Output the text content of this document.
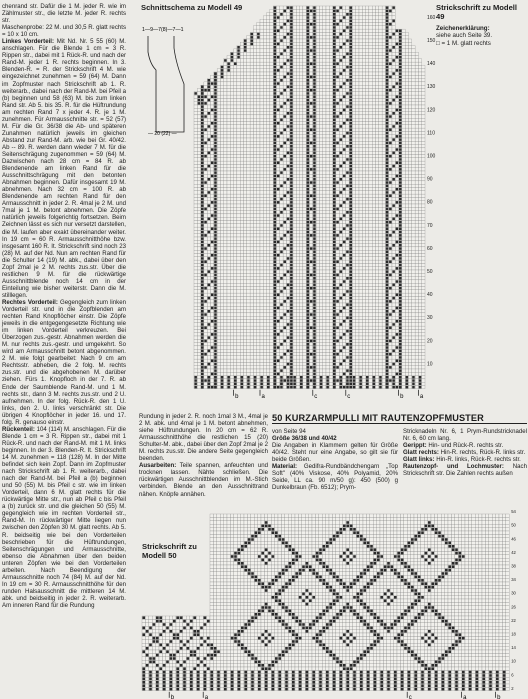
chenrand str. Dafür die 1 M. jeder R. wie im Zählmuster str., die letzte M. jeder R. rechts str.

Maschenprobe: 22 M. und 30,5 R. glatt rechts = 10 x 10 cm.

Linkes Vorderteil: Mit Nd. Nr. 5 55 (60) M. anschlagen. Für die Blende 1 cm = 3 R. Rippen str., dabei mit 1 Rück-R. und nach der Rand-M. jeder 1 R. rechts beginnen. In 3. Blenden-R. = R. der Strickschrift 4 M. wie eingezeichnet zunehmen = 59 (64) M. Dann im Zopfmuster nach Strickschrift ab 1. R. weiterarb., dabei nach der Rand-M. bei Pfeil a (b) beginnen und 58 (63) M. bis zum linken Rand str. Ab 5. bis 35. R. für die Hüftrundung am rechten Rand 7 x jeder 4. R. je 1 M. zunehmen. Für Armausschnitte str. = 52 (57) M. Für die Gr. 36/38 die Ab- und späteren Zunahmen natürlich jeweils im gleichen Abstand zur Rand-M. arb. wie bei Gr. 40/42. Ab -- 89. R. werden dann wieder 7 M. für die Seitenschrägung zugenommen = 59 (64) M. Dazwischen nach 28 cm = 84 R. ab Blendenende am linken Rand für die Ausschnittschrägung mit den betonten Abnahmen beginnen. Dafür insgesamt 19 M. abnehmen. Nach 32 cm = 100 R. ab Blendenende am rechten Rand für den Armausschnitt in jeder 2. R. 4mal je 2 M. und 7mal je 1 M. betont abnehmen. Die Zöpfe natürlich jeweils folgerichtig fortsetzen. Beim Zeichnen lässt es sich nur versetzt darstellen, die M. laufen aber exakt übereinander weiter. In 19 cm = 60 R. Armausschnitthöhe bzw. insgesamt 160 R. It. Strickschrift sind noch 23 (28) M. auf der Nd. Nun am rechten Rand für die Schulter 14 (19) M. abk., dabei über den Zopf 2mal je 2 M. rechts zus.str. Über die restlichen 9 M. für die rückwärtige Ausschnittblende noch 14 cm in der Einteilung wie bisher weiterstr. Dann die M. stilllegen.

Rechtes Vorderteil: Gegengleich zum linken Vorderteil str. und in die Zopfblenden am rechten Rand Knopflöcher einstr. Die Zöpfe jeweils in die entgegengesetzte Richtung wie im linken Vorderteil verkreuzen. Bei Überzogen zus.-gestr. Abnahmen werden die M. nur rechts zus.-gestr. und umgekehrt. So wird am Armausschnitt betont abgenommen. 2 M. wie folgt gearbeitet: Nach 9 cm am Rechtsstr. abheben, die 2 folg. M. rechts zus.str. und die abgehobenen M. darüber ziehen. Fürs 1. Knopfloch in der 7. R. ab Ende der Saumblende Rand-M. und 1 M. rechts str., dann 3 M. rechts zus.str. und 2 U. aufnehmen. In der folg. Rück-R. den 1 U. links, den 2. U. links verschränkt str. Die übrigen 4 Knopflöcher in jeder 16. und 17. folg. R. genauso einstr.

Rückenteil: 104 (114) M. anschlagen. Für die Blende 1 cm = 3 R. Rippen str., dabei mit 1 Rück-R. und nach der Rand-M. mit 1 M. links beginnen. In der 3. Blenden-R. It. Strickschrift 14 M. zunehmen = 118 (128) M. In der Mitte befindet sich kein Zopf. Dann im Zopfmuster nach Strickschrift ab 1. R. weiterarb., dabei nach der Rand-M. bei Pfeil a (b) beginnen und 50 (55) M. bis Pfeil c str. wie im linken Vorderteil, dann 6 M. glatt rechts für die rückwärtige Mitte str., nun ab Pfeil c bis Pfeil a (b) zurück str. und die gleichen 50 (55) M. gegengleich wie im rechten Vorderteil str., Rand-M. In rückwärtiger Mitte liegen nun zwischen den Zöpfen 30 M. glatt rechts. Ab 5. R. beidseitig wie bei den Vorderteilen beschrieben für die Hüftrundungen, Seitenschrägungen und Armausschnitte, ebenso die Abnahmen über den beiden unteren Zöpfen wie bei den Vorderteilen arbeiten. Nach Beendigung der Armausschnitte noch 74 (84) M. auf der Nd. In 19 cm = 30 R. Armausschnitthöhe für den runden Halsausschnitt die mittleren 14 M. abk. und beidseitig in jeder 2. R. weiterarb. Am inneren Rand für die Rundung

Schnittschema zu Modell 49
1—9—7(8)—7—1
— 20 (22) —
10
20
30
40
50
60
70
80
90
100
110
120
130
140
150
160
b	a	c	c	b	a
Strickschrift zu Modell 49
Zeichenerklärung:
siehe auch Seite 39.
□ = 1 M. glatt rechts

Rundung in jeder 2. R. noch 1mal 3 M., 4mal je 2 M. abk. und 4mal je 1 M. betont abnehmen, siehe Hüftrundungen. In 20 cm = 62 R. Armausschnitthöhe die restlichen 15 (20) Schulter-M. abk., dabei über den Zopf 2mal je 2 M. rechts zus.str. Die andere Seite gegengleich beenden.

Ausarbeiten: Teile spannen, anfeuchten und trocknen lassen. Nähte schließen. Die rückwärtigen Ausschnittblenden im M.-Stich verbinden. Blende an den Ausschnittrand nähen. Knöpfe annähen.

50 KURZARMPULLI MIT RAUTENZOPFMUSTER

von Seite 94

Größe 36/38 und 40/42

Die Angaben in Klammern gelten für Größe 40/42. Steht nur eine Angabe, so gilt sie für beide Größen.

Material: Gedifra-Rundbändchengarn „Top Soft" (40% Viskose, 40% Polyamid, 20% Seide, LL ca. 90 m/50 g): 450 (500) g Dunkelbraun (Fb. 6512); Prym-

Stricknadeln Nr. 6, 1 Prym-Rundstricknadel Nr. 6, 60 cm lang.

Gerippt: Hin- und Rück-R. rechts str.

Glatt rechts: Hin-R. rechts, Rück-R. links str.

Glatt links: Hin-R. links, Rück-R. rechts str.

Rautenzopf- und Lochmuster: Nach Strickschrift str. Die Zahlen rechts außen

2
6
10
14
18
22
26
30
34
38
42
46
50
54
b	a	c	a	b
Strickschrift zu Modell 50
